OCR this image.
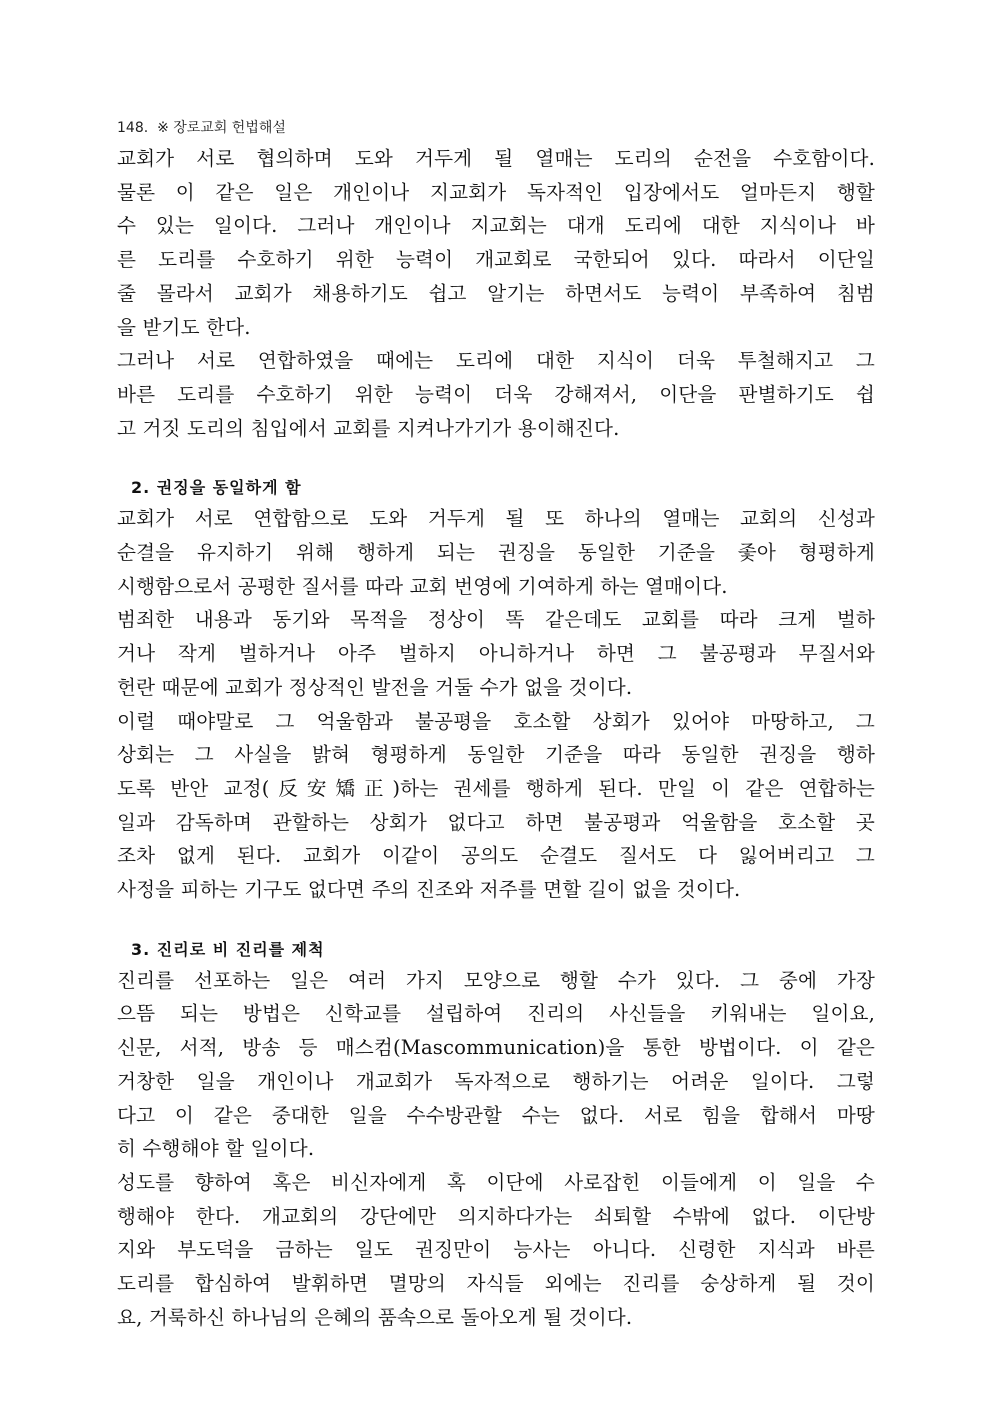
148. ※ 장로교회 헌법해설

교회가 서로 협의하며 도와 거두게 될 열매는 도리의 순전을 수호함이다.
물론 이 같은 일은 개인이나 지교회가 독자적인 입장에서도 얼마든지 행할
수 있는 일이다. 그러나 개인이나 지교회는 대개 도리에 대한 지식이나 바
른 도리를 수호하기 위한 능력이 개교회로 국한되어 있다. 따라서 이단일
줄 몰라서 교회가 채용하기도 쉽고 알기는 하면서도 능력이 부족하여 침범
을 받기도 한다.

그러나 서로 연합하였을 때에는 도리에 대한 지식이 더욱 투철해지고 그
바른 도리를 수호하기 위한 능력이 더욱 강해져서, 이단을 판별하기도 쉽
고 거짓 도리의 침입에서 교회를 지켜나가기가 용이해진다.

2. 권징을 동일하게 함

교회가 서로 연합함으로 도와 거두게 될 또 하나의 열매는 교회의 신성과
순결을 유지하기 위해 행하게 되는 권징을 동일한 기준을 좇아 형평하게
시행함으로서 공평한 질서를 따라 교회 번영에 기여하게 하는 열매이다.

범죄한 내용과 동기와 목적을 정상이 똑 같은데도 교회를 따라 크게 벌하
거나 작게 벌하거나 아주 벌하지 아니하거나 하면 그 불공평과 무질서와
헌란 때문에 교회가 정상적인 발전을 거둘 수가 없을 것이다.

이럴 때야말로 그 억울함과 불공평을 호소할 상회가 있어야 마땅하고, 그
상회는 그 사실을 밝혀 형평하게 동일한 기준을 따라 동일한 권징을 행하
도록 반안 교정(反安矯正)하는 권세를 행하게 된다. 만일 이 같은 연합하는
일과 감독하며 관할하는 상회가 없다고 하면 불공평과 억울함을 호소할 곳
조차 없게 된다. 교회가 이같이 공의도 순결도 질서도 다 잃어버리고 그
사정을 피하는 기구도 없다면 주의 진조와 저주를 면할 길이 없을 것이다.

3. 진리로 비 진리를 제척

진리를 선포하는 일은 여러 가지 모양으로 행할 수가 있다. 그 중에 가장
으뜸 되는 방법은 신학교를 설립하여 진리의 사신들을 키워내는 일이요,
신문, 서적, 방송 등 매스컴(Mascommunication)을 통한 방법이다. 이 같은
거창한 일을 개인이나 개교회가 독자적으로 행하기는 어려운 일이다. 그렇
다고 이 같은 중대한 일을 수수방관할 수는 없다. 서로 힘을 합해서 마땅
히 수행해야 할 일이다.

성도를 향하여 혹은 비신자에게 혹 이단에 사로잡힌 이들에게 이 일을 수
행해야 한다. 개교회의 강단에만 의지하다가는 쇠퇴할 수밖에 없다. 이단방
지와 부도덕을 금하는 일도 권징만이 능사는 아니다. 신령한 지식과 바른
도리를 합심하여 발휘하면 멸망의 자식들 외에는 진리를 숭상하게 될 것이
요, 거룩하신 하나님의 은혜의 품속으로 돌아오게 될 것이다.
